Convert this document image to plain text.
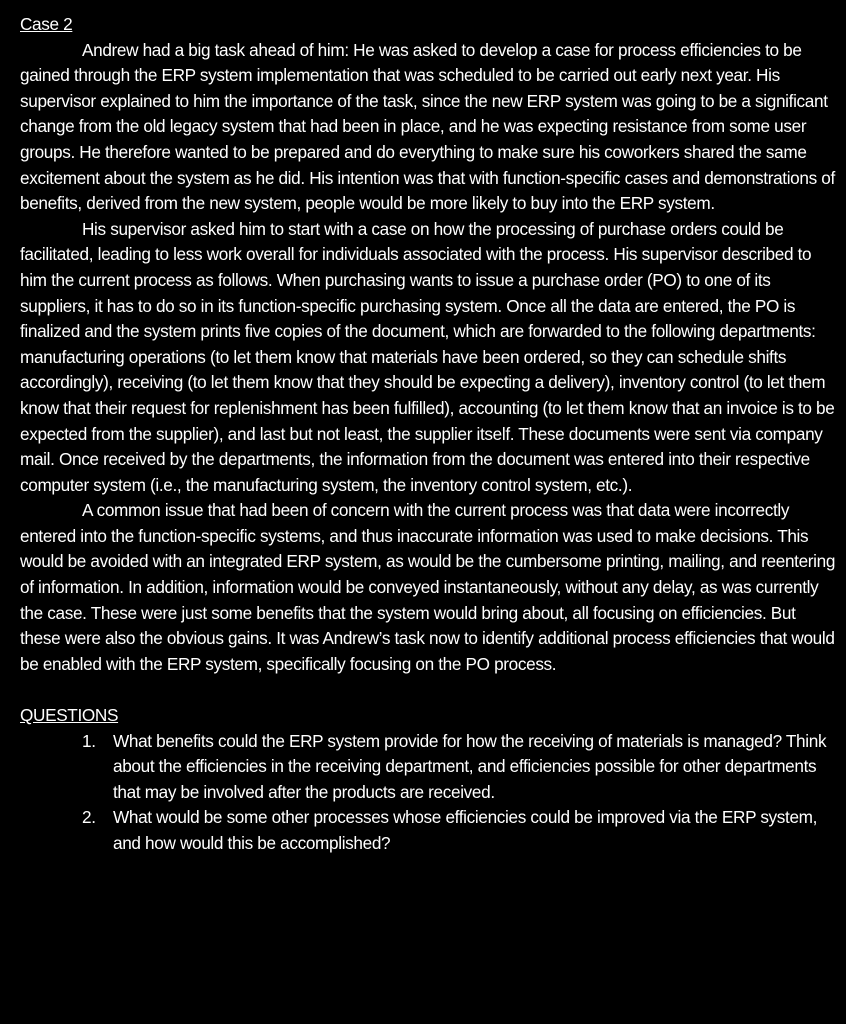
Case 2

Andrew had a big task ahead of him: He was asked to develop a case for process efficiencies to be gained through the ERP system implementation that was scheduled to be carried out early next year. His supervisor explained to him the importance of the task, since the new ERP system was going to be a significant change from the old legacy system that had been in place, and he was expecting resistance from some user groups. He therefore wanted to be prepared and do everything to make sure his coworkers shared the same excitement about the system as he did. His intention was that with function-specific cases and demonstrations of benefits, derived from the new system, people would be more likely to buy into the ERP system.

His supervisor asked him to start with a case on how the processing of purchase orders could be facilitated, leading to less work overall for individuals associated with the process. His supervisor described to him the current process as follows. When purchasing wants to issue a purchase order (PO) to one of its suppliers, it has to do so in its function-specific purchasing system. Once all the data are entered, the PO is finalized and the system prints five copies of the document, which are forwarded to the following departments: manufacturing operations (to let them know that materials have been ordered, so they can schedule shifts accordingly), receiving (to let them know that they should be expecting a delivery), inventory control (to let them know that their request for replenishment has been fulfilled), accounting (to let them know that an invoice is to be expected from the supplier), and last but not least, the supplier itself. These documents were sent via company mail. Once received by the departments, the information from the document was entered into their respective computer system (i.e., the manufacturing system, the inventory control system, etc.).

A common issue that had been of concern with the current process was that data were incorrectly entered into the function-specific systems, and thus inaccurate information was used to make decisions. This would be avoided with an integrated ERP system, as would be the cumbersome printing, mailing, and reentering of information. In addition, information would be conveyed instantaneously, without any delay, as was currently the case. These were just some benefits that the system would bring about, all focusing on efficiencies. But these were also the obvious gains. It was Andrew’s task now to identify additional process efficiencies that would be enabled with the ERP system, specifically focusing on the PO process.

QUESTIONS
1. What benefits could the ERP system provide for how the receiving of materials is managed? Think about the efficiencies in the receiving department, and efficiencies possible for other departments that may be involved after the products are received.
2. What would be some other processes whose efficiencies could be improved via the ERP system, and how would this be accomplished?
